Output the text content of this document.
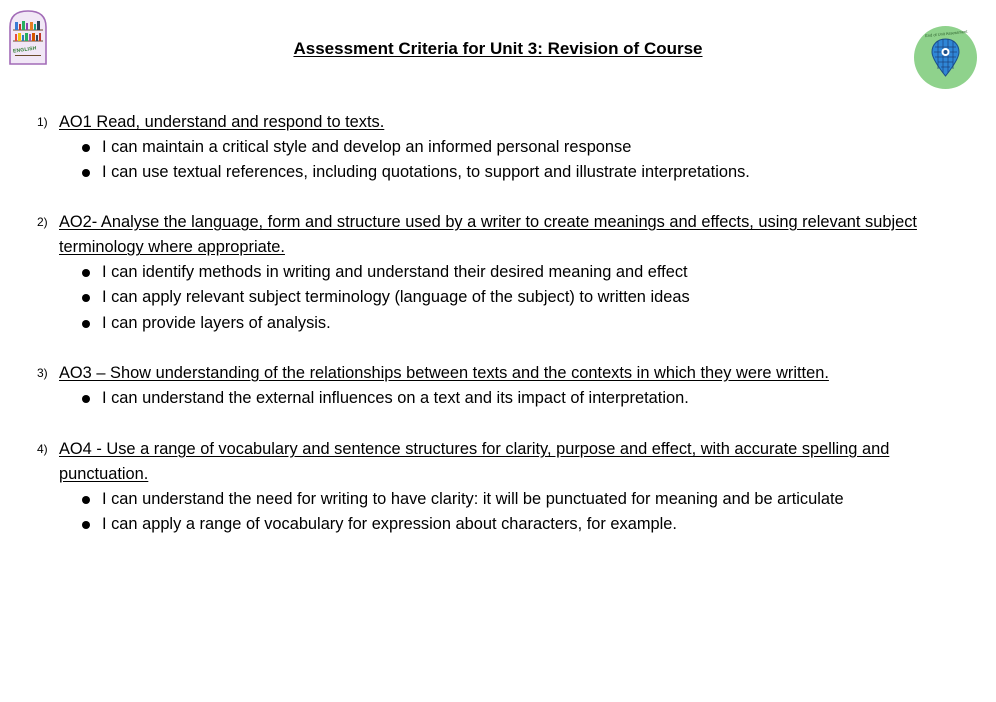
ENGLISH	Assessment Criteria for Unit 3: Revision of Course
End of Unit Assessment
1) AO1 Read, understand and respond to texts.
I can maintain a critical style and develop an informed personal response
I can use textual references, including quotations, to support and illustrate interpretations.
2) AO2- Analyse the language, form and structure used by a writer to create meanings and effects, using relevant subject terminology where appropriate.
I can identify methods in writing and understand their desired meaning and effect
I can apply relevant subject terminology (language of the subject) to written ideas
I can provide layers of analysis.
3) AO3 – Show understanding of the relationships between texts and the contexts in which they were written.
I can understand the external influences on a text and its impact of interpretation.
4) AO4 - Use a range of vocabulary and sentence structures for clarity, purpose and effect, with accurate spelling and punctuation.
I can understand the need for writing to have clarity: it will be punctuated for meaning and be articulate
I can apply a range of vocabulary for expression about characters, for example.
